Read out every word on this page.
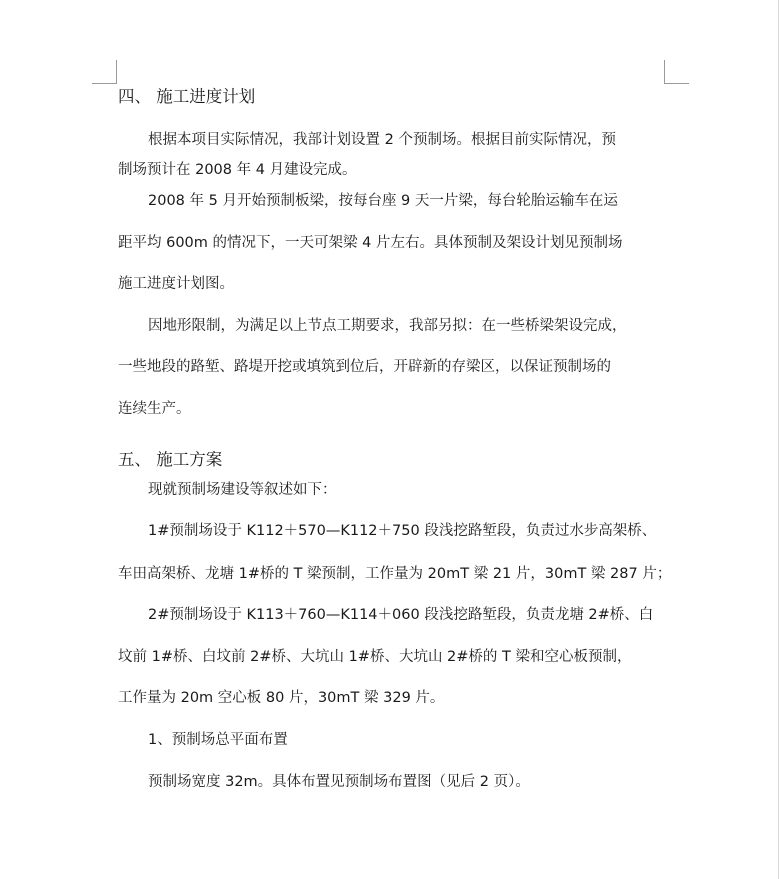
四、 施工进度计划

根据本项目实际情况，我部计划设置 2 个预制场。根据目前实际情况，预

制场预计在 2008 年 4 月建设完成。

2008 年 5 月开始预制板梁，按每台座 9 天一片梁，每台轮胎运输车在运

距平均 600m 的情况下，一天可架梁 4 片左右。具体预制及架设计划见预制场

施工进度计划图。

因地形限制，为满足以上节点工期要求，我部另拟：在一些桥梁架设完成，

一些地段的路堑、路堤开挖或填筑到位后，开辟新的存梁区，以保证预制场的

连续生产。

五、 施工方案

现就预制场建设等叙述如下：

1#预制场设于 K112＋570—K112＋750 段浅挖路堑段，负责过水步高架桥、

车田高架桥、龙塘 1#桥的 T 梁预制，工作量为 20mT 梁 21 片，30mT 梁 287 片；

2#预制场设于 K113＋760—K114＋060 段浅挖路堑段，负责龙塘 2#桥、白

坟前 1#桥、白坟前 2#桥、大坑山 1#桥、大坑山 2#桥的 T 梁和空心板预制，

工作量为 20m 空心板 80 片，30mT 梁 329 片。

1、预制场总平面布置

预制场宽度 32m。具体布置见预制场布置图（见后 2 页）。
